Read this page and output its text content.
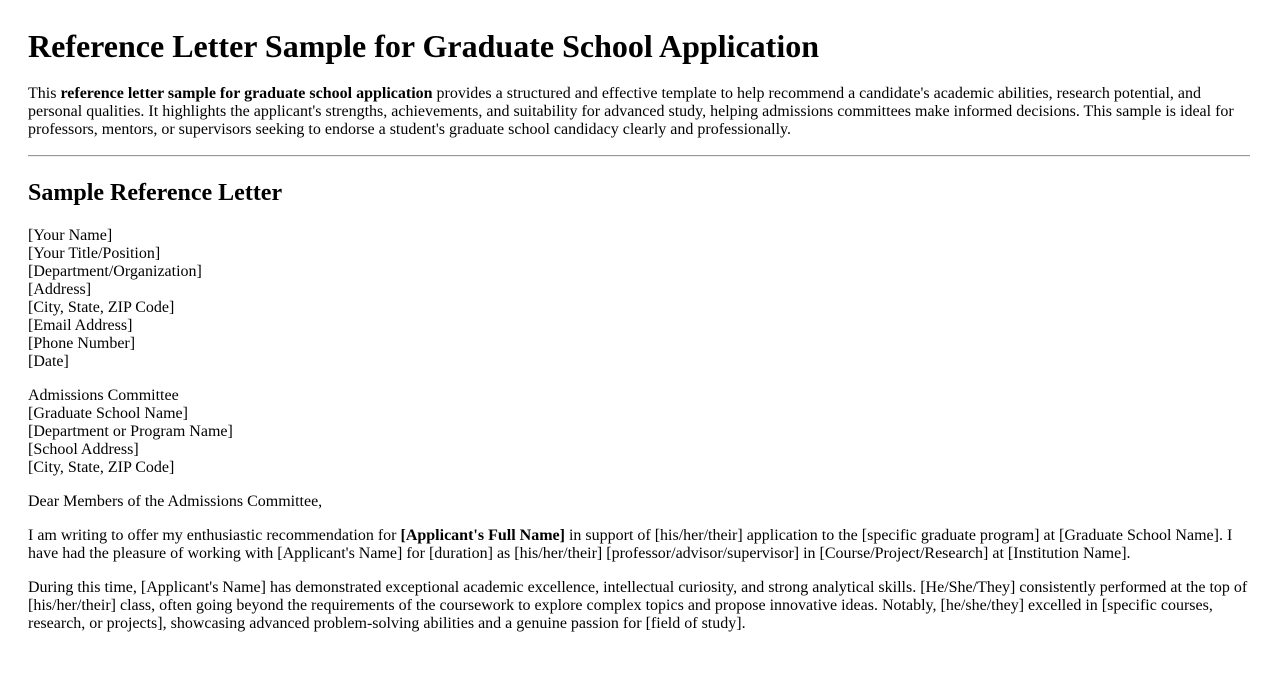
Reference Letter Sample for Graduate School Application

This reference letter sample for graduate school application provides a structured and effective template to help recommend a candidate's academic abilities, research potential, and personal qualities. It highlights the applicant's strengths, achievements, and suitability for advanced study, helping admissions committees make informed decisions. This sample is ideal for professors, mentors, or supervisors seeking to endorse a student's graduate school candidacy clearly and professionally.

Sample Reference Letter
[Your Name]
[Your Title/Position]
[Department/Organization]
[Address]
[City, State, ZIP Code]
[Email Address]
[Phone Number]
[Date]
Admissions Committee
[Graduate School Name]
[Department or Program Name]
[School Address]
[City, State, ZIP Code]

Dear Members of the Admissions Committee,

I am writing to offer my enthusiastic recommendation for [Applicant's Full Name] in support of [his/her/their] application to the [specific graduate program] at [Graduate School Name]. I have had the pleasure of working with [Applicant's Name] for [duration] as [his/her/their] [professor/advisor/supervisor] in [Course/Project/Research] at [Institution Name].

During this time, [Applicant's Name] has demonstrated exceptional academic excellence, intellectual curiosity, and strong analytical skills. [He/She/They] consistently performed at the top of [his/her/their] class, often going beyond the requirements of the coursework to explore complex topics and propose innovative ideas. Notably, [he/she/they] excelled in [specific courses, research, or projects], showcasing advanced problem-solving abilities and a genuine passion for [field of study].
